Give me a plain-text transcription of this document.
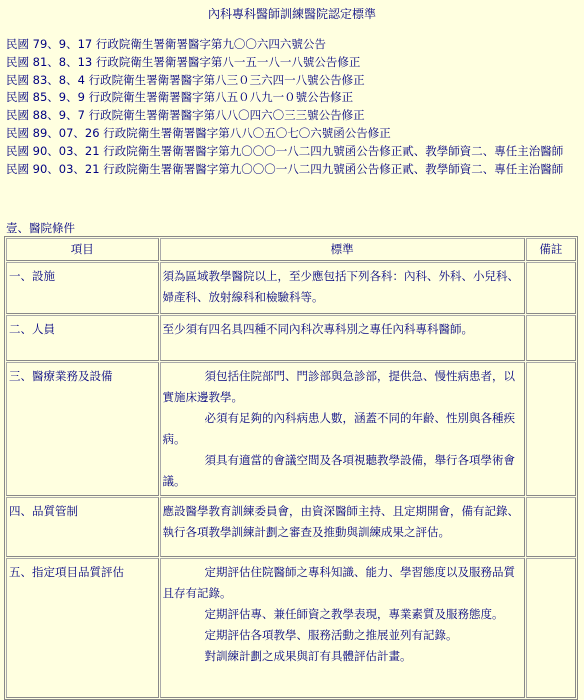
內科專科醫師訓練醫院認定標準
民國 79、9、17 行政院衛生署衛署醫字第九〇〇六四六號公告
民國 81、8、13 行政院衛生署衛署醫字第八一五一八一八號公告修正
民國 83、8、4 行政院衛生署衛署醫字第八三０三六四一八號公告修正
民國 85、9、9 行政院衛生署衛署醫字第八五０八九一０號公告修正
民國 88、9、7 行政院衛生署衛署醫字第八八〇四六〇三三號公告修正
民國 89、07、26 行政院衛生署衛署醫字第八八〇五〇七〇六號函公告修正
民國 90、03、21 行政院衛生署衛署醫字第九〇〇〇一八二四九號函公告修正貳、教學師資二、專任主治醫師
民國 90、03、21 行政院衛生署衛署醫字第九〇〇〇一八二四九號函公告修正貳、教學師資二、專任主治醫師
壹、醫院條件
項目	標準	備註
一、設施	須為區域教學醫院以上，至少應包括下列各科：內科、外科、小兒科、婦產科、放射線科和檢驗科等。	

二、人員	至少須有四名具四種不同內科次專科別之專任內科專科醫師。	

三、醫療業務及設備	須包括住院部門、門診部與急診部，提供急、慢性病患者，以實施床邊教學。

必須有足夠的內科病患人數，涵蓋不同的年齡、性別與各種疾病。

須具有適當的會議空間及各項視聽教學設備，舉行各項學術會議。	

四、品質管制	應設醫學教育訓練委員會，由資深醫師主持、且定期開會，備有記錄、執行各項教學訓練計劃之審查及推動與訓練成果之評估。	

五、指定項目品質評估	定期評估住院醫師之專科知識、能力、學習態度以及服務品質且存有記錄。

定期評估專、兼任師資之教學表現，專業素質及服務態度。

定期評估各項教學、服務活動之推展並列有記錄。

對訓練計劃之成果與訂有具體評估計畫。	
